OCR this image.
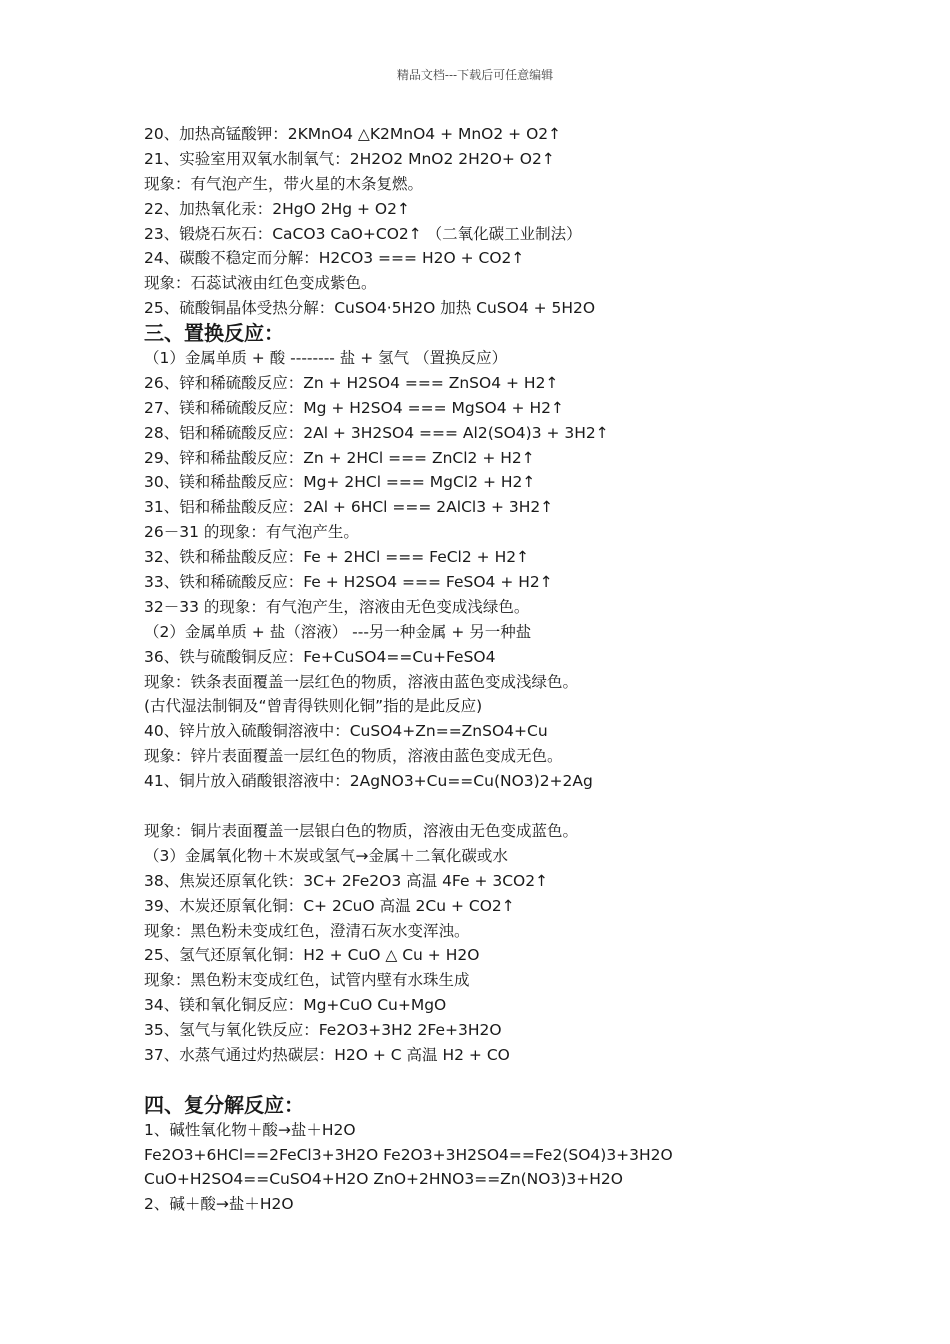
精品文档---下载后可任意编辑
20、加热高锰酸钾：2KMnO4 △K2MnO4 + MnO2 + O2↑
21、实验室用双氧水制氧气：2H2O2 MnO2 2H2O+ O2↑
现象：有气泡产生，带火星的木条复燃。
22、加热氧化汞：2HgO 2Hg + O2↑
23、锻烧石灰石：CaCO3 CaO+CO2↑ （二氧化碳工业制法）
24、碳酸不稳定而分解：H2CO3 === H2O + CO2↑
现象：石蕊试液由红色变成紫色。
25、硫酸铜晶体受热分解：CuSO4·5H2O 加热 CuSO4 + 5H2O
三、置换反应：
（1）金属单质 + 酸 -------- 盐 + 氢气 （置换反应）
26、锌和稀硫酸反应：Zn + H2SO4 === ZnSO4 + H2↑
27、镁和稀硫酸反应：Mg + H2SO4 === MgSO4 + H2↑
28、铝和稀硫酸反应：2Al + 3H2SO4 === Al2(SO4)3 + 3H2↑
29、锌和稀盐酸反应：Zn + 2HCl === ZnCl2 + H2↑
30、镁和稀盐酸反应：Mg+ 2HCl === MgCl2 + H2↑
31、铝和稀盐酸反应：2Al + 6HCl === 2AlCl3 + 3H2↑
26－31 的现象：有气泡产生。
32、铁和稀盐酸反应：Fe + 2HCl === FeCl2 + H2↑
33、铁和稀硫酸反应：Fe + H2SO4 === FeSO4 + H2↑
32－33 的现象：有气泡产生，溶液由无色变成浅绿色。
（2）金属单质 + 盐（溶液） ---另一种金属 + 另一种盐
36、铁与硫酸铜反应：Fe+CuSO4==Cu+FeSO4
现象：铁条表面覆盖一层红色的物质，溶液由蓝色变成浅绿色。
(古代湿法制铜及“曾青得铁则化铜”指的是此反应)
40、锌片放入硫酸铜溶液中：CuSO4+Zn==ZnSO4+Cu
现象：锌片表面覆盖一层红色的物质，溶液由蓝色变成无色。
41、铜片放入硝酸银溶液中：2AgNO3+Cu==Cu(NO3)2+2Ag
现象：铜片表面覆盖一层银白色的物质，溶液由无色变成蓝色。
（3）金属氧化物＋木炭或氢气→金属＋二氧化碳或水
38、焦炭还原氧化铁：3C+ 2Fe2O3 高温 4Fe + 3CO2↑
39、木炭还原氧化铜：C+ 2CuO 高温 2Cu + CO2↑
现象：黑色粉未变成红色，澄清石灰水变浑浊。
25、氢气还原氧化铜：H2 + CuO △ Cu + H2O
现象：黑色粉末变成红色，试管内壁有水珠生成
34、镁和氧化铜反应：Mg+CuO Cu+MgO
35、氢气与氧化铁反应：Fe2O3+3H2 2Fe+3H2O
37、水蒸气通过灼热碳层：H2O + C 高温 H2 + CO
四、复分解反应：
1、碱性氧化物＋酸→盐＋H2O
Fe2O3+6HCl==2FeCl3+3H2O Fe2O3+3H2SO4==Fe2(SO4)3+3H2O
CuO+H2SO4==CuSO4+H2O ZnO+2HNO3==Zn(NO3)3+H2O
2、碱＋酸→盐＋H2O
